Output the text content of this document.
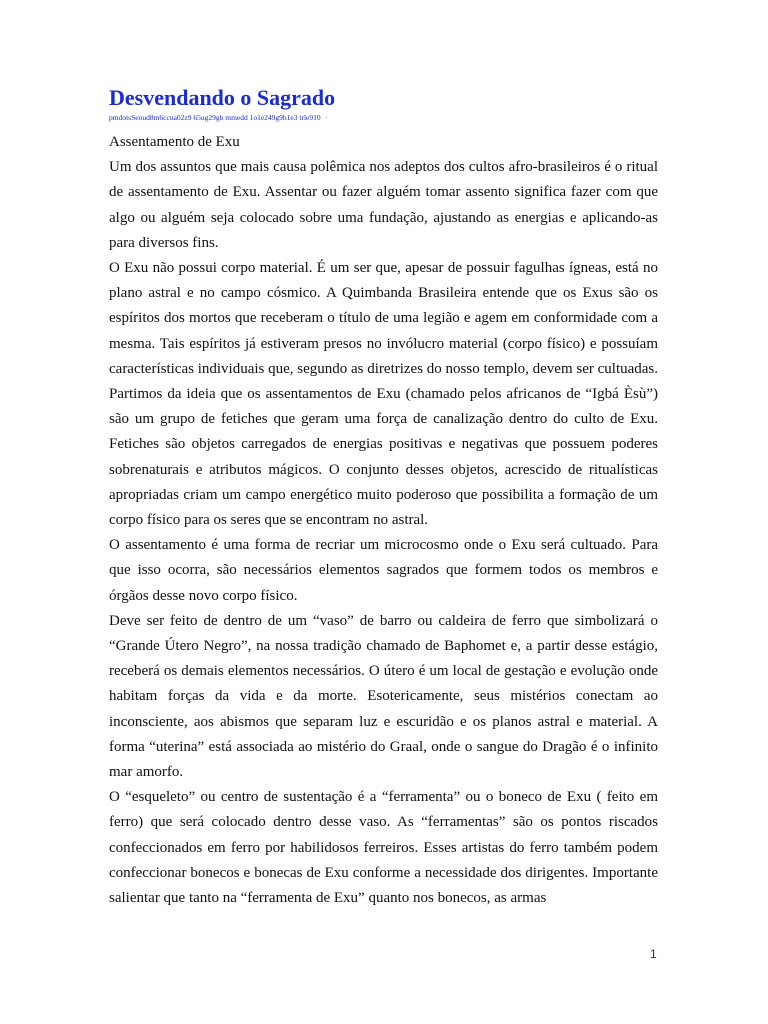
Desvendando o Sagrado
pmdotsSeoud8m6ccua02z9 65ug29gb mmedd 1o1e249g9h1e3 trle910 ·

Assentamento de Exu

Um dos assuntos que mais causa polêmica nos adeptos dos cultos afro-brasileiros é o ritual de assentamento de Exu. Assentar ou fazer alguém tomar assento significa fazer com que algo ou alguém seja colocado sobre uma fundação, ajustando as energias e aplicando-as para diversos fins.

O Exu não possui corpo material. É um ser que, apesar de possuir fagulhas ígneas, está no plano astral e no campo cósmico. A Quimbanda Brasileira entende que os Exus são os espíritos dos mortos que receberam o título de uma legião e agem em conformidade com a mesma. Tais espíritos já estiveram presos no invólucro material (corpo físico) e possuíam características individuais que, segundo as diretrizes do nosso templo, devem ser cultuadas.

Partimos da ideia que os assentamentos de Exu (chamado pelos africanos de “Igbá Èsù”) são um grupo de fetiches que geram uma força de canalização dentro do culto de Exu. Fetiches são objetos carregados de energias positivas e negativas que possuem poderes sobrenaturais e atributos mágicos. O conjunto desses objetos, acrescido de ritualísticas apropriadas criam um campo energético muito poderoso que possibilita a formação de um corpo físico para os seres que se encontram no astral.

O assentamento é uma forma de recriar um microcosmo onde o Exu será cultuado. Para que isso ocorra, são necessários elementos sagrados que formem todos os membros e órgãos desse novo corpo físico.

Deve ser feito de dentro de um “vaso” de barro ou caldeira de ferro que simbolizará o “Grande Útero Negro”, na nossa tradição chamado de Baphomet e, a partir desse estágio, receberá os demais elementos necessários. O útero é um local de gestação e evolução onde habitam forças da vida e da morte. Esotericamente, seus mistérios conectam ao inconsciente, aos abismos que separam luz e escuridão e os planos astral e material. A forma “uterina” está associada ao mistério do Graal, onde o sangue do Dragão é o infinito mar amorfo.

O “esqueleto” ou centro de sustentação é a “ferramenta” ou o boneco de Exu ( feito em ferro) que será colocado dentro desse vaso. As “ferramentas” são os pontos riscados confeccionados em ferro por habilidosos ferreiros. Esses artistas do ferro também podem confeccionar bonecos e bonecas de Exu conforme a necessidade dos dirigentes. Importante salientar que tanto na “ferramenta de Exu” quanto nos bonecos, as armas

1
